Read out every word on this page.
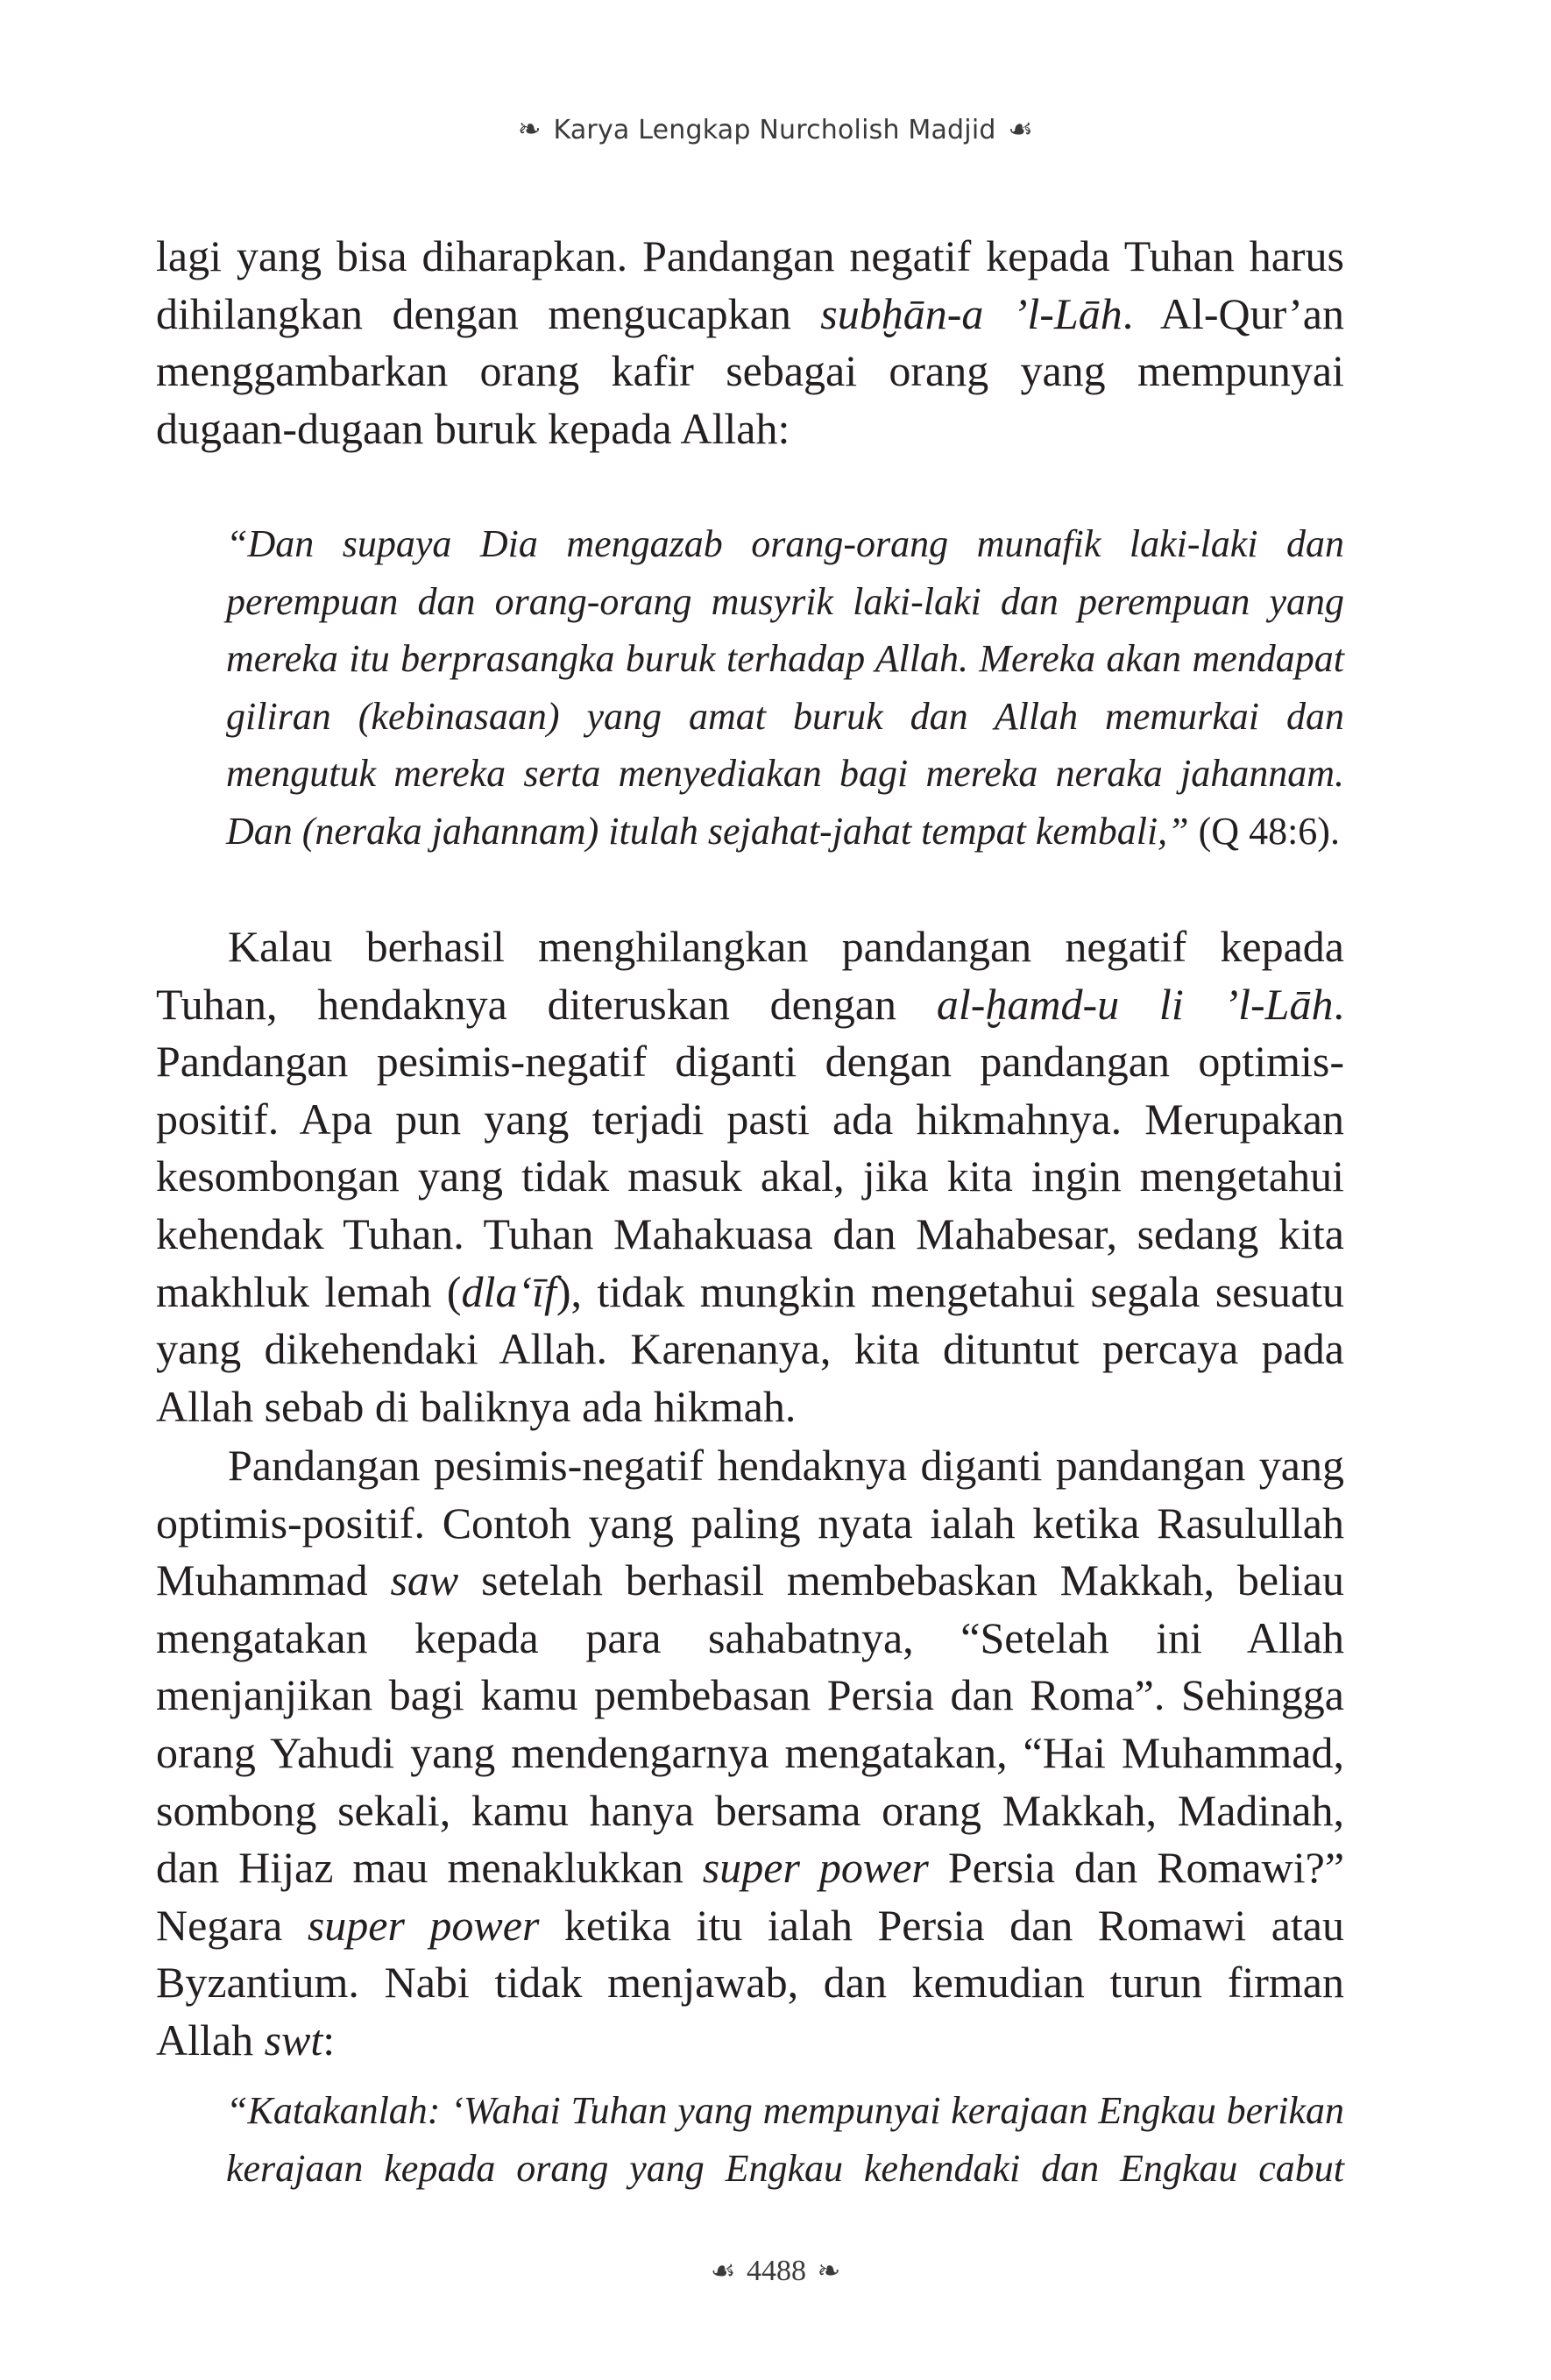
❧ Karya Lengkap Nurcholish Madjid ☙

lagi yang bisa diharapkan. Pandangan negatif kepada Tuhan harus dihilangkan dengan mengucapkan subḫān-a ’l-Lāh. Al-Qur’an menggambarkan orang kafir sebagai orang yang mempunyai dugaan-dugaan buruk kepada Allah:

“Dan supaya Dia mengazab orang-orang munafik laki-laki dan perempuan dan orang-orang musyrik laki-laki dan perempuan yang mereka itu berprasangka buruk terhadap Allah. Mereka akan mendapat giliran (kebinasaan) yang amat buruk dan Allah memurkai dan mengutuk mereka serta menyediakan bagi mereka neraka jahannam. Dan (neraka jahannam) itulah sejahat-jahat tempat kembali,” (Q 48:6).

Kalau berhasil menghilangkan pandangan negatif kepada Tuhan, hendaknya diteruskan dengan al-ḫamd-u li ’l-Lāh. Pandangan pesimis-negatif diganti dengan pandangan optimis-positif. Apa pun yang terjadi pasti ada hikmahnya. Merupakan kesombongan yang tidak masuk akal, jika kita ingin mengetahui kehendak Tuhan. Tuhan Mahakuasa dan Mahabesar, sedang kita makhluk lemah (dla‘īf), tidak mungkin mengetahui segala sesuatu yang dikehendaki Allah. Karenanya, kita dituntut percaya pada Allah sebab di baliknya ada hikmah.

Pandangan pesimis-negatif hendaknya diganti pandangan yang optimis-positif. Contoh yang paling nyata ialah ketika Rasulullah Muhammad saw setelah berhasil membebaskan Makkah, beliau mengatakan kepada para sahabatnya, “Setelah ini Allah menjanjikan bagi kamu pembebasan Persia dan Roma”. Sehingga orang Yahudi yang mendengarnya mengatakan, “Hai Muhammad, sombong sekali, kamu hanya bersama orang Makkah, Madinah, dan Hijaz mau menaklukkan super power Persia dan Romawi?” Negara super power ketika itu ialah Persia dan Romawi atau Byzantium. Nabi tidak menjawab, dan kemudian turun firman Allah swt:

“Katakanlah: ‘Wahai Tuhan yang mempunyai kerajaan Engkau berikan kerajaan kepada orang yang Engkau kehendaki dan Engkau cabut

☙ 4488 ❧
